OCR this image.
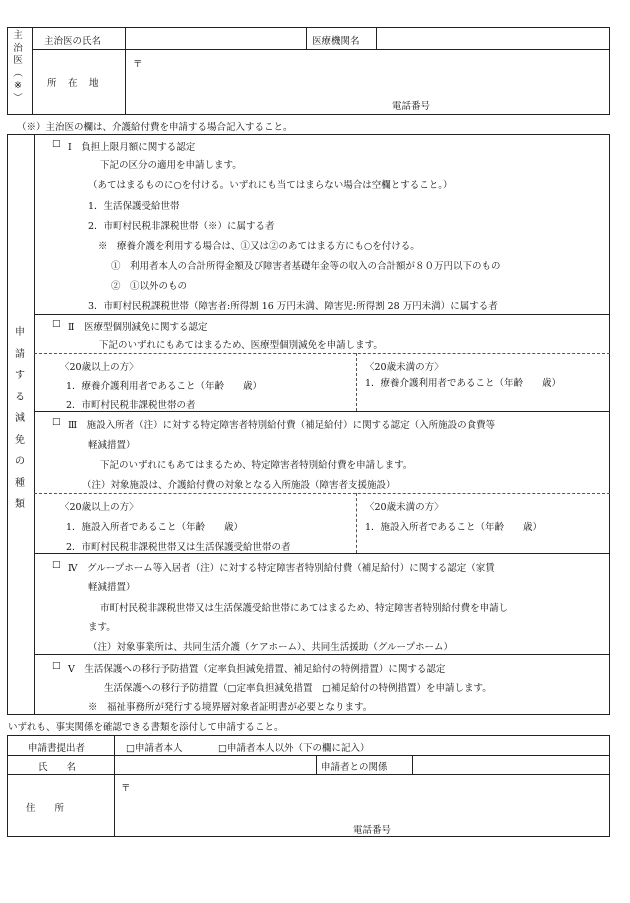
主
治
医
︵
※
︶
主治医の氏名	医療機関名
所　在　地
〒
電話番号
（※）主治医の欄は、介護給付費を申請する場合記入すること。
申
請
す
る
減
免
の
種
類
□ Ⅰ　負担上限月額に関する認定
下記の区分の適用を申請します。
（あてはまるものに○を付ける。いずれにも当てはまらない場合は空欄とすること。）
1．生活保護受給世帯
2．市町村民税非課税世帯（※）に属する者
※　療養介護を利用する場合は、①又は②のあてはまる方にも○を付ける。
①　利用者本人の合計所得金額及び障害者基礎年金等の収入の合計額が８０万円以下のもの
②　①以外のもの
3．市町村民税課税世帯（障害者:所得割 16 万円未満、障害児:所得割 28 万円未満）に属する者
□ Ⅱ　医療型個別減免に関する認定
下記のいずれにもあてはまるため、医療型個別減免を申請します。
〈20歳以上の方〉
1．療養介護利用者であること（年齢　　歳）
2．市町村民税非課税世帯の者
〈20歳未満の方〉
1．療養介護利用者であること（年齢　　歳）
□ Ⅲ　施設入所者（注）に対する特定障害者特別給付費（補足給付）に関する認定（入所施設の食費等
軽減措置）
下記のいずれにもあてはまるため、特定障害者特別給付費を申請します。
（注）対象施設は、介護給付費の対象となる入所施設（障害者支援施設）
〈20歳以上の方〉
1．施設入所者であること（年齢　　歳）
2．市町村民税非課税世帯又は生活保護受給世帯の者
〈20歳未満の方〉
1．施設入所者であること（年齢　　歳）
□ Ⅳ　グループホーム等入居者（注）に対する特定障害者特別給付費（補足給付）に関する認定（家賃
軽減措置）
市町村民税非課税世帯又は生活保護受給世帯にあてはまるため、特定障害者特別給付費を申請し
ます。
（注）対象事業所は、共同生活介護（ケアホーム）、共同生活援助（グループホーム）
□ Ⅴ　生活保護への移行予防措置（定率負担減免措置、補足給付の特例措置）に関する認定
生活保護への移行予防措置（□定率負担減免措置　□補足給付の特例措置）を申請します。
※　福祉事務所が発行する境界層対象者証明書が必要となります。
いずれも、事実関係を確認できる書類を添付して申請すること。
申請書提出者	□申請者本人	□申請者本人以外（下の欄に記入）
氏　　名	申請者との関係
住　　所
〒
電話番号
